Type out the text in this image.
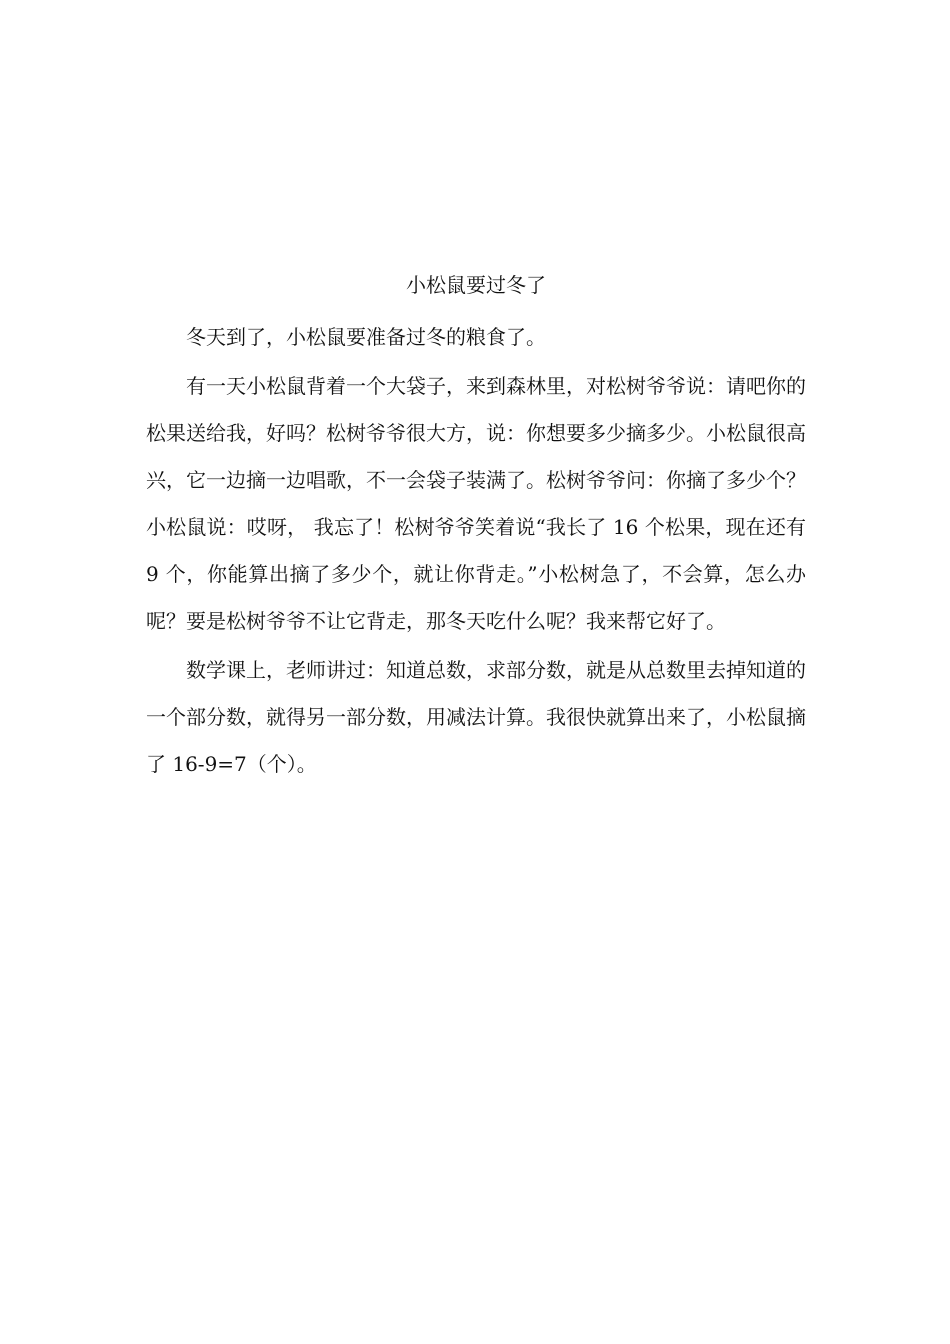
小松鼠要过冬了

冬天到了，小松鼠要准备过冬的粮食了。

有一天小松鼠背着一个大袋子，来到森林里，对松树爷爷说：请吧你的松果送给我，好吗？松树爷爷很大方，说：你想要多少摘多少。小松鼠很高兴，它一边摘一边唱歌，不一会袋子装满了。松树爷爷问：你摘了多少个？小松鼠说：哎呀， 我忘了！松树爷爷笑着说“我长了 16 个松果，现在还有 9 个，你能算出摘了多少个，就让你背走。”小松树急了，不会算，怎么办呢？要是松树爷爷不让它背走，那冬天吃什么呢？我来帮它好了。

数学课上，老师讲过：知道总数，求部分数，就是从总数里去掉知道的一个部分数，就得另一部分数，用减法计算。我很快就算出来了，小松鼠摘了 16-9=7（个）。
